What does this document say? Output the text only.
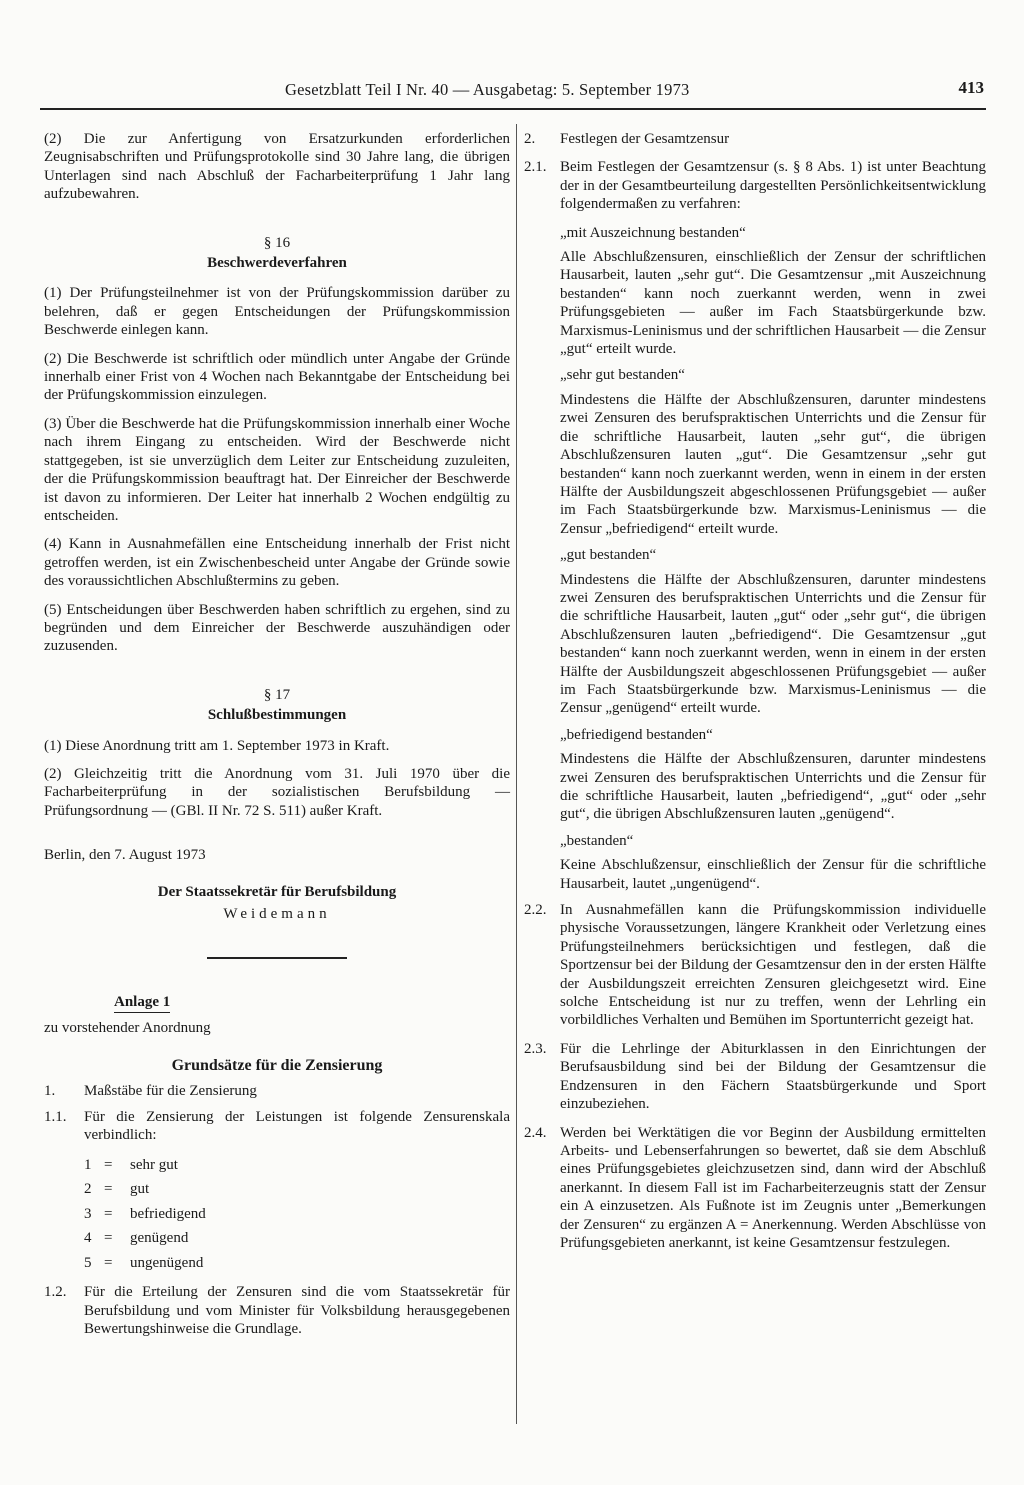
Gesetzblatt Teil I Nr. 40 — Ausgabetag: 5. September 1973	413

(2) Die zur Anfertigung von Ersatzurkunden erforderlichen Zeugnisabschriften und Prüfungsprotokolle sind 30 Jahre lang, die übrigen Unterlagen sind nach Abschluß der Facharbeiterprüfung 1 Jahr lang aufzubewahren.

§ 16

Beschwerdeverfahren

(1) Der Prüfungsteilnehmer ist von der Prüfungskommission darüber zu belehren, daß er gegen Entscheidungen der Prüfungskommission Beschwerde einlegen kann.

(2) Die Beschwerde ist schriftlich oder mündlich unter Angabe der Gründe innerhalb einer Frist von 4 Wochen nach Bekanntgabe der Entscheidung bei der Prüfungskommission einzulegen.

(3) Über die Beschwerde hat die Prüfungskommission innerhalb einer Woche nach ihrem Eingang zu entscheiden. Wird der Beschwerde nicht stattgegeben, ist sie unverzüglich dem Leiter zur Entscheidung zuzuleiten, der die Prüfungskommission beauftragt hat. Der Einreicher der Beschwerde ist davon zu informieren. Der Leiter hat innerhalb 2 Wochen endgültig zu entscheiden.

(4) Kann in Ausnahmefällen eine Entscheidung innerhalb der Frist nicht getroffen werden, ist ein Zwischenbescheid unter Angabe der Gründe sowie des voraussichtlichen Abschlußtermins zu geben.

(5) Entscheidungen über Beschwerden haben schriftlich zu ergehen, sind zu begründen und dem Einreicher der Beschwerde auszuhändigen oder zuzusenden.

§ 17

Schlußbestimmungen

(1) Diese Anordnung tritt am 1. September 1973 in Kraft.

(2) Gleichzeitig tritt die Anordnung vom 31. Juli 1970 über die Facharbeiterprüfung in der sozialistischen Berufsbildung — Prüfungsordnung — (GBl. II Nr. 72 S. 511) außer Kraft.

Berlin, den 7. August 1973

Der Staatssekretär für Berufsbildung

Weidemann

Anlage 1

zu vorstehender Anordnung

Grundsätze für die Zensierung

1.	Maßstäbe für die Zensierung
1.1.	Für die Zensierung der Leistungen ist folgende Zensurenskala verbindlich:
1 =	sehr gut
2 =	gut
3 =	befriedigend
4 =	genügend
5 =	ungenügend
1.2.	Für die Erteilung der Zensuren sind die vom Staatssekretär für Berufsbildung und vom Minister für Volksbildung herausgegebenen Bewertungshinweise die Grundlage.
2.	Festlegen der Gesamtzensur
2.1. Beim Festlegen der Gesamtzensur (s. § 8 Abs. 1) ist unter Beachtung der in der Gesamtbeurteilung dargestellten Persönlichkeitsentwicklung folgendermaßen zu verfahren:

„mit Auszeichnung bestanden“

Alle Abschlußzensuren, einschließlich der Zensur der schriftlichen Hausarbeit, lauten „sehr gut“. Die Gesamtzensur „mit Auszeichnung bestanden“ kann noch zuerkannt werden, wenn in zwei Prüfungsgebieten — außer im Fach Staatsbürgerkunde bzw. Marxismus-Leninismus und der schriftlichen Hausarbeit — die Zensur „gut“ erteilt wurde.

„sehr gut bestanden“

Mindestens die Hälfte der Abschlußzensuren, darunter mindestens zwei Zensuren des berufspraktischen Unterrichts und die Zensur für die schriftliche Hausarbeit, lauten „sehr gut“, die übrigen Abschlußzensuren lauten „gut“. Die Gesamtzensur „sehr gut bestanden“ kann noch zuerkannt werden, wenn in einem in der ersten Hälfte der Ausbildungszeit abgeschlossenen Prüfungsgebiet — außer im Fach Staatsbürgerkunde bzw. Marxismus-Leninismus — die Zensur „befriedigend“ erteilt wurde.

„gut bestanden“

Mindestens die Hälfte der Abschlußzensuren, darunter mindestens zwei Zensuren des berufspraktischen Unterrichts und die Zensur für die schriftliche Hausarbeit, lauten „gut“ oder „sehr gut“, die übrigen Abschlußzensuren lauten „befriedigend“. Die Gesamtzensur „gut bestanden“ kann noch zuerkannt werden, wenn in einem in der ersten Hälfte der Ausbildungszeit abgeschlossenen Prüfungsgebiet — außer im Fach Staatsbürgerkunde bzw. Marxismus-Leninismus — die Zensur „genügend“ erteilt wurde.

„befriedigend bestanden“

Mindestens die Hälfte der Abschlußzensuren, darunter mindestens zwei Zensuren des berufspraktischen Unterrichts und die Zensur für die schriftliche Hausarbeit, lauten „befriedigend“, „gut“ oder „sehr gut“, die übrigen Abschlußzensuren lauten „genügend“.

„bestanden“

Keine Abschlußzensur, einschließlich der Zensur für die schriftliche Hausarbeit, lautet „ungenügend“.

2.2. In Ausnahmefällen kann die Prüfungskommission individuelle physische Voraussetzungen, längere Krankheit oder Verletzung eines Prüfungsteilnehmers berücksichtigen und festlegen, daß die Sportzensur bei der Bildung der Gesamtzensur den in der ersten Hälfte der Ausbildungszeit erreichten Zensuren gleichgesetzt wird. Eine solche Entscheidung ist nur zu treffen, wenn der Lehrling ein vorbildliches Verhalten und Bemühen im Sportunterricht gezeigt hat.
2.3. Für die Lehrlinge der Abiturklassen in den Einrichtungen der Berufsausbildung sind bei der Bildung der Gesamtzensur die Endzensuren in den Fächern Staatsbürgerkunde und Sport einzubeziehen.
2.4. Werden bei Werktätigen die vor Beginn der Ausbildung ermittelten Arbeits- und Lebenserfahrungen so bewertet, daß sie dem Abschluß eines Prüfungsgebietes gleichzusetzen sind, dann wird der Abschluß anerkannt. In diesem Fall ist im Facharbeiterzeugnis statt der Zensur ein A einzusetzen. Als Fußnote ist im Zeugnis unter „Bemerkungen der Zensuren“ zu ergänzen A = Anerkennung. Werden Abschlüsse von Prüfungsgebieten anerkannt, ist keine Gesamtzensur festzulegen.
